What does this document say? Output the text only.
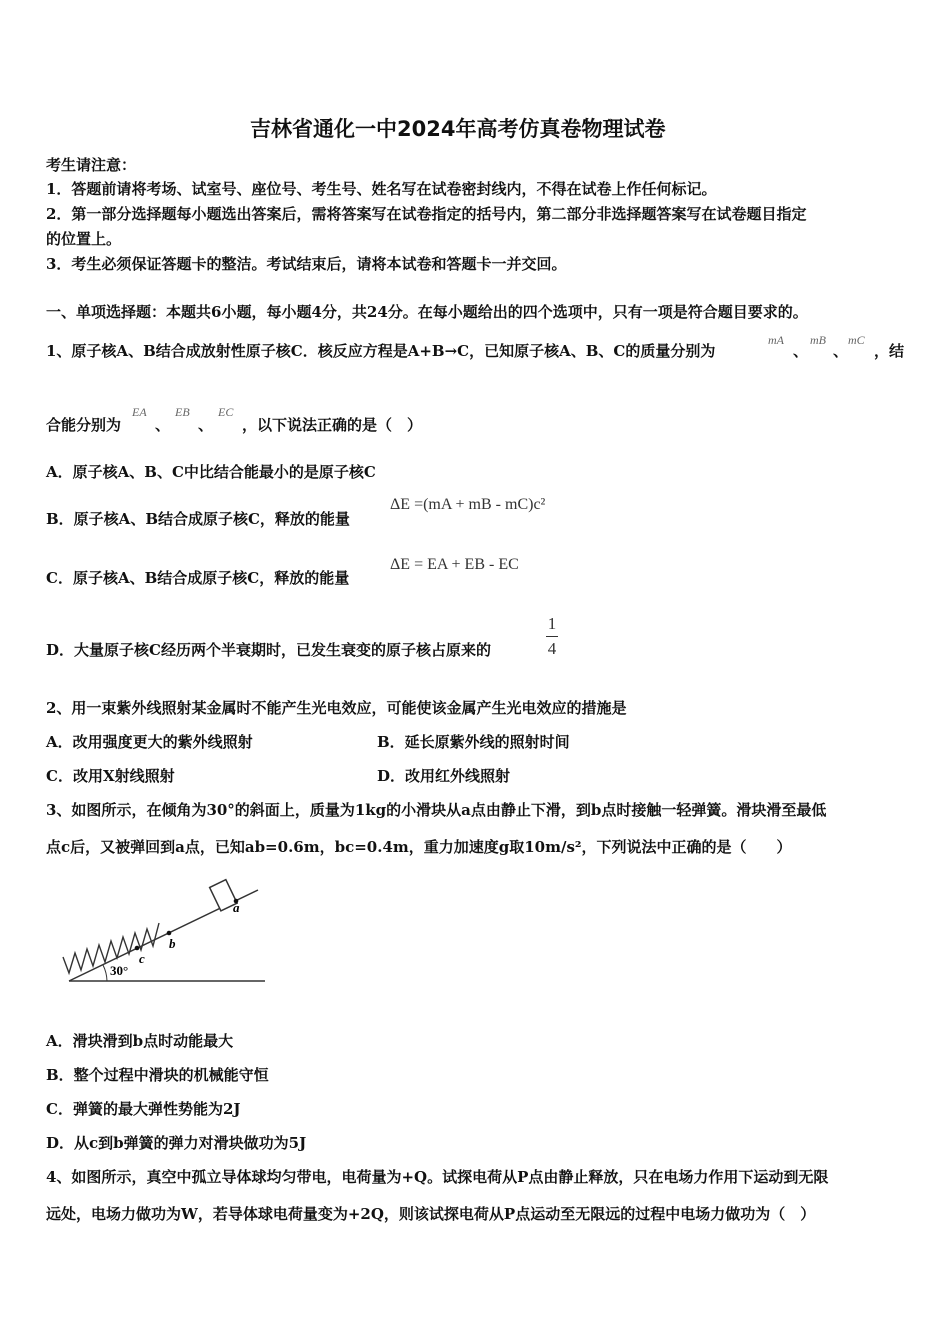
吉林省通化一中2024年高考仿真卷物理试卷
考生请注意：
1．答题前请将考场、试室号、座位号、考生号、姓名写在试卷密封线内，不得在试卷上作任何标记。
2．第一部分选择题每小题选出答案后，需将答案写在试卷指定的括号内，第二部分非选择题答案写在试卷题目指定
的位置上。
3．考生必须保证答题卡的整洁。考试结束后，请将本试卷和答题卡一并交回。
一、单项选择题：本题共6小题，每小题4分，共24分。在每小题给出的四个选项中，只有一项是符合题目要求的。
1、原子核A、B结合成放射性原子核C．核反应方程是A+B→C，已知原子核A、B、C的质量分别为
mA
、
mB
、
mC
，结
合能分别为
EA
、
EB
、
EC
，以下说法正确的是（　）
A．原子核A、B、C中比结合能最小的是原子核C
B．原子核A、B结合成原子核C，释放的能量
ΔE =(mA + mB - mC)c²
C．原子核A、B结合成原子核C，释放的能量
ΔE = EA + EB - EC
D．大量原子核C经历两个半衰期时，已发生衰变的原子核占原来的
1
4
2、用一束紫外线照射某金属时不能产生光电效应，可能使该金属产生光电效应的措施是
A．改用强度更大的紫外线照射	B．延长原紫外线的照射时间
C．改用X射线照射	D．改用红外线照射
3、如图所示，在倾角为30°的斜面上，质量为1kg的小滑块从a点由静止下滑，到b点时接触一轻弹簧。滑块滑至最低
点c后，又被弹回到a点，已知ab=0.6m，bc=0.4m，重力加速度g取10m/s²，下列说法中正确的是（　　）
c
b
a
30°
A．滑块滑到b点时动能最大
B．整个过程中滑块的机械能守恒
C．弹簧的最大弹性势能为2J
D．从c到b弹簧的弹力对滑块做功为5J
4、如图所示，真空中孤立导体球均匀带电，电荷量为+Q。试探电荷从P点由静止释放，只在电场力作用下运动到无限
远处，电场力做功为W，若导体球电荷量变为+2Q，则该试探电荷从P点运动至无限远的过程中电场力做功为（　）
